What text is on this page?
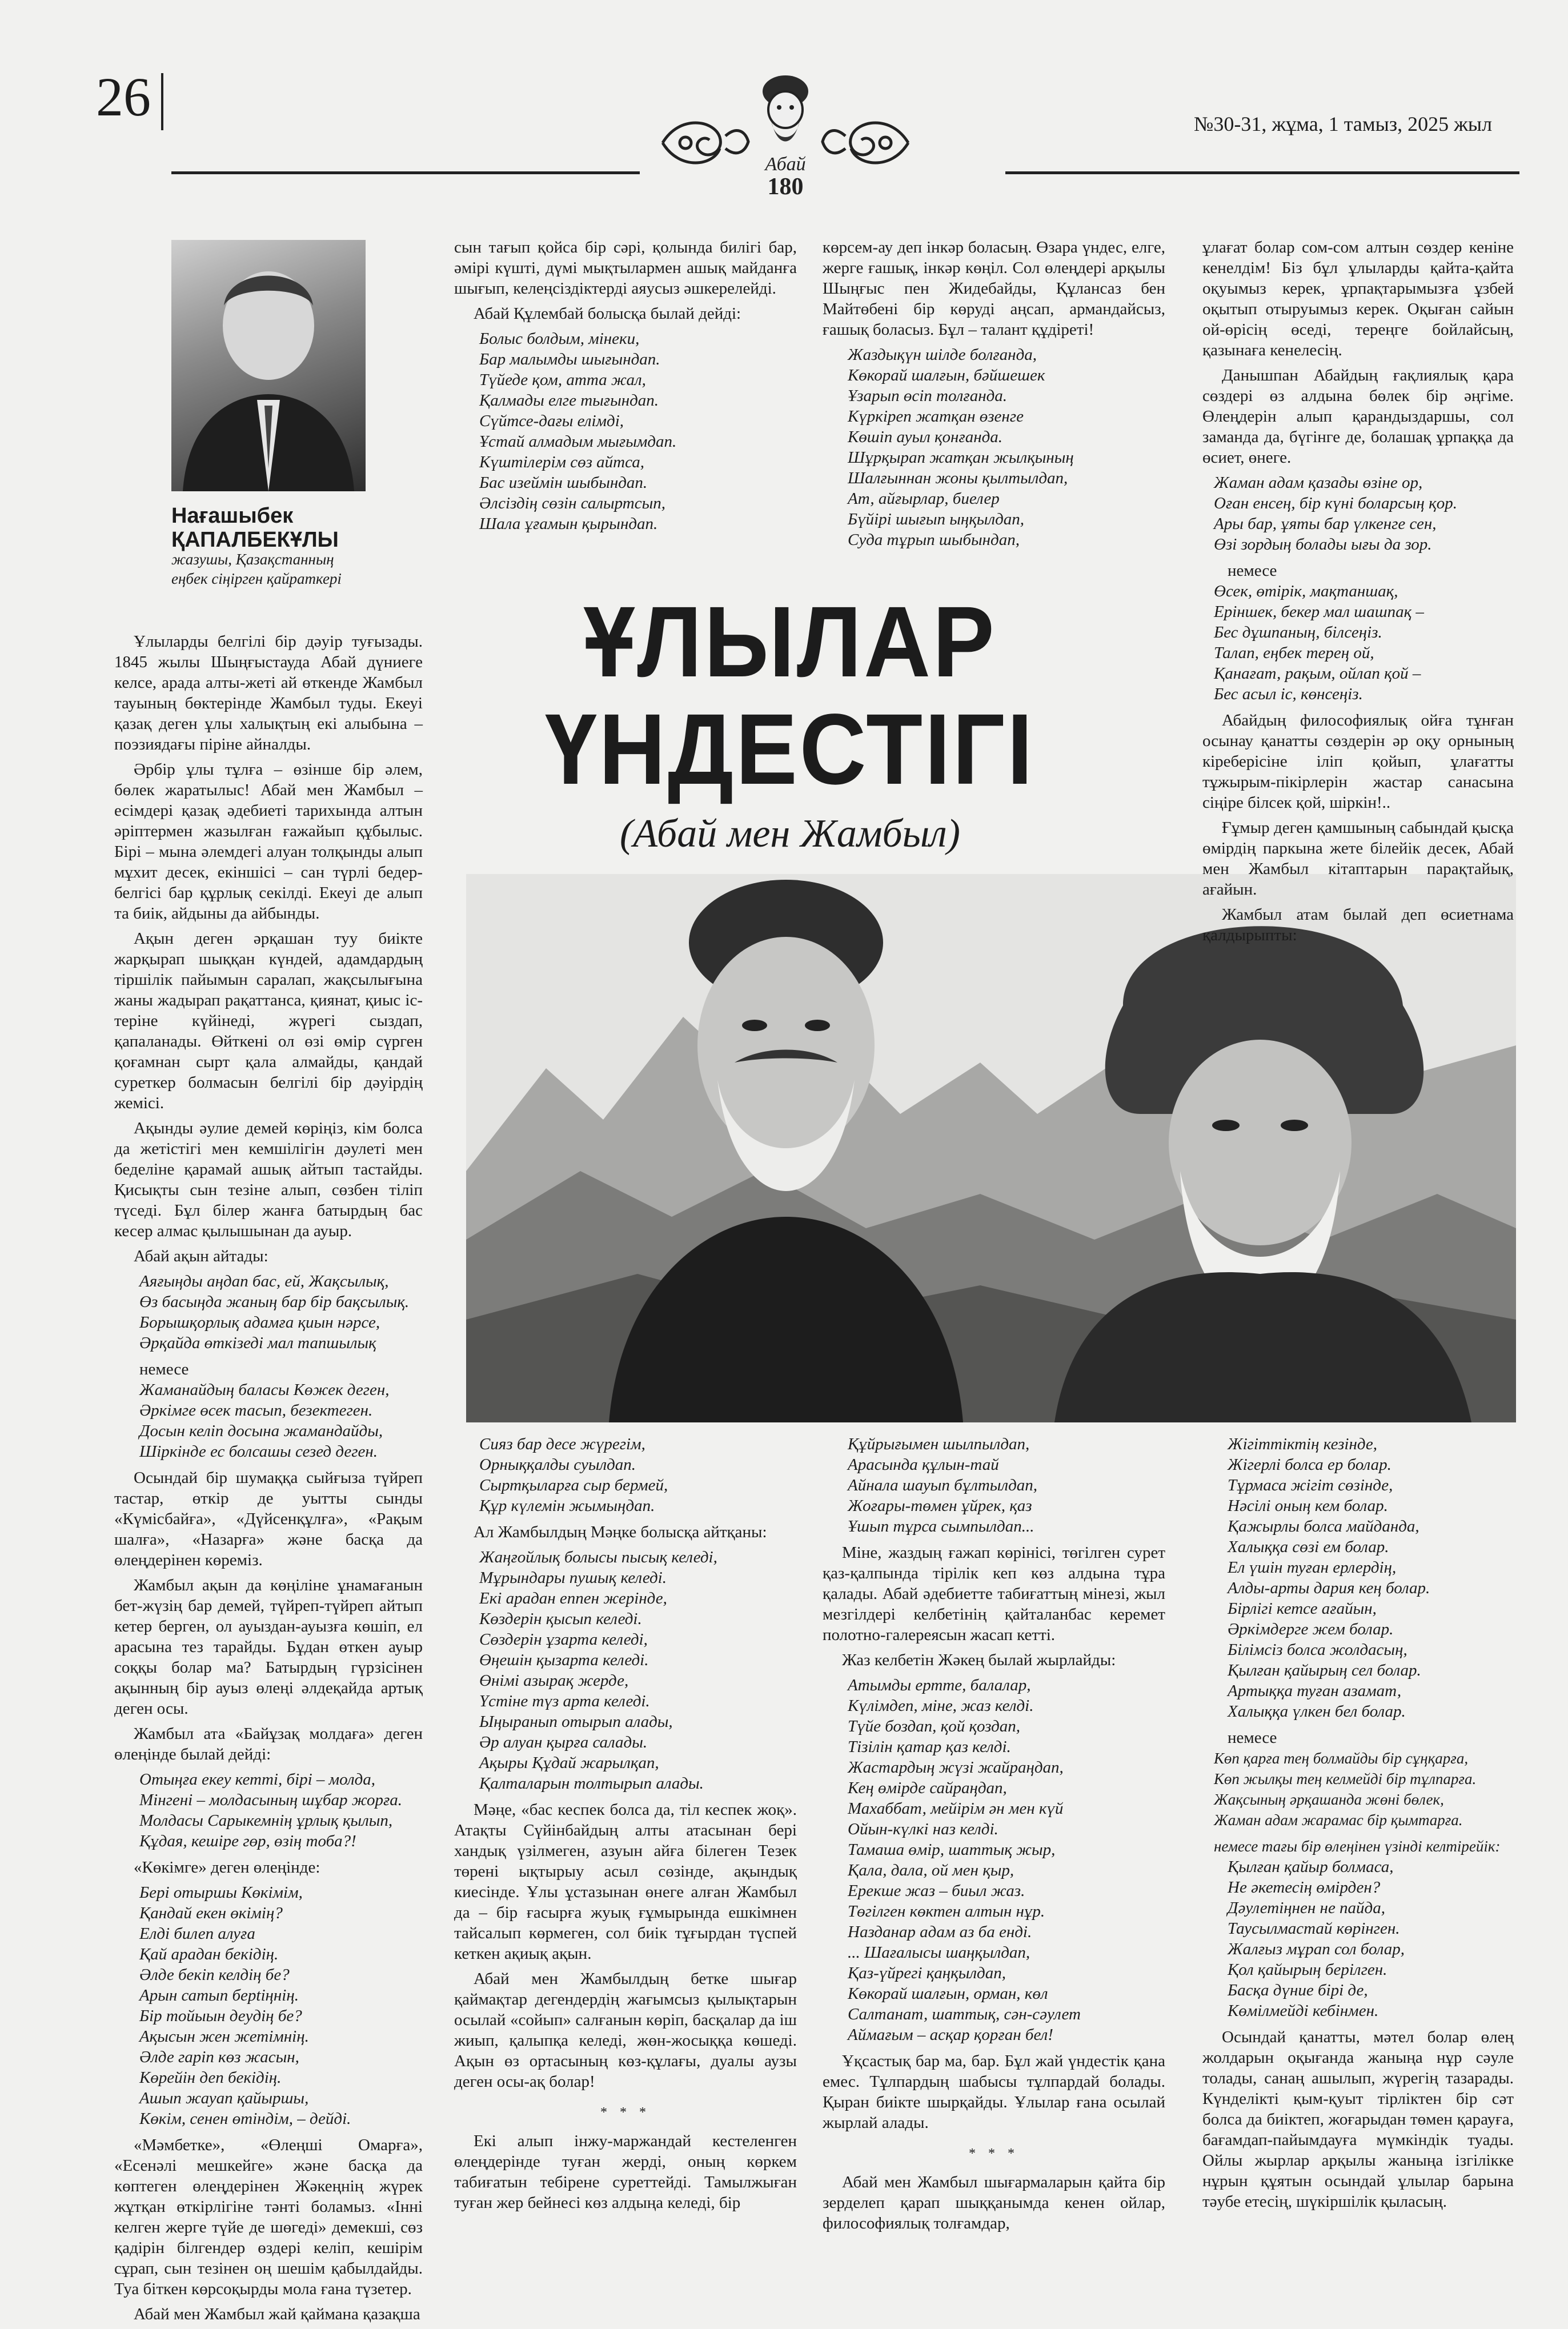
26	№30-31, жұма, 1 тамыз, 2025 жыл
Абай
180
Нағашыбек
ҚАПАЛБЕКҰЛЫ
жазушы, Қазақстанның
еңбек сіңірген қайраткері
ҰЛЫЛАР
ҮНДЕСТІГІ
(Абай мен Жамбыл)

Ұлыларды белгілі бір дәуір туғызады. 1845 жылы Шыңғыстауда Абай дүниеге келсе, арада алты-жеті ай өткенде Жамбыл тауының бөктерінде Жамбыл туды. Екеуі қазақ деген ұлы халықтың екі алыбына – поэзиядағы пірiне айналды.

Әрбір ұлы тұлға – өзінше бір әлем, бөлек жаратылыс! Абай мен Жамбыл – есімдері қазақ әдебиеті тарихында алтын әріптермен жазылған ғажайып құбылыс. Бірі – мына әлемдегі алуан толқынды алып мұхит десек, екіншісі – сан түрлі бедер-белгісі бар құрлық секілді. Екеуі де алып та биік, айдыны да айбынды.

Ақын деген әрқашан туу биікте жарқырап шыққан күндей, адамдардың тіршілік пайымын саралап, жақсылығына жаны жадырап рақаттанса, қиянат, қиыс іс-теріне күйінеді, жүрегі сыздап, қапаланады. Өйткені ол өзі өмір сүрген қоғамнан сырт қала алмайды, қандай суреткер болмасын белгілі бір дәуірдің жемісі.

Ақынды әулие демей көріңіз, кім болса да жетістігі мен кемшілігін дәулеті мен беделіне қарамай ашық айтып тастайды. Қисықты сын тезіне алып, сөзбен тіліп түседі. Бұл білер жанға батырдың бас кесер алмас қылышынан да ауыр.

Абай ақын айтады:

Аяғыңды аңдап бас, ей, Жақсылық,
Өз басыңда жаның бар бір бақсылық.
Борышқорлық адамға қиын нәрсе,
Әрқайда өткізеді мал тапшылық
немесе
Жаманайдың баласы Көжек деген,
Әркімге өсек тасып, безектеген.
Досын келіп досына жамандайды,
Шіркінде ес болсашы сезед деген.

Осындай бір шумаққа сыйғыза түйреп тастар, өткір де уытты сынды «Күмісбайға», «Дүйсенқұлға», «Рақым шалға», «Назарға» және басқа да өлеңдерінен көреміз.

Жамбыл ақын да көңіліне ұнамағанын бет-жүзің бар демей, түйреп-түйреп айтып кетер берген, ол ауыздан-ауызға көшіп, ел арасына тез тарайды. Бұдан өткен ауыр соққы болар ма? Батырдың гүрзісінен ақынның бір ауыз өлеңі әлдеқайда артық деген осы.

Жамбыл ата «Байұзақ молдаға» деген өлеңінде былай дейді:

Отыңға екеу кетті, бірі – молда,
Мінгені – молдасының шұбар жорға.
Молдасы Сарыкемнің ұрлық қылып,
Құдая, кешіре гөр, өзің тоба?!

«Көкімге» деген өлеңінде:

Бері отыршы Көкімім,
Қандай екен өкімің?
Елді билеп алуға
Қай арадан бекідің.
Әлде бекіп келдің бе?
Арын сатып берtіңнің.
Бір тойыын деудің бе?
Ақысын жен жетімнің.
Әлде гаріп көз жасын,
Көрейін деп бекідің.
Ашып жауап қайыршы,
Көкім, сенен өтіндім, – дейді.

«Мәмбетке», «Өлеңші Омарға», «Есенәлі мешкейге» және басқа да көптеген өлеңдерінен Жәкеңнің жүрек жұтқан өткірлігіне тәнті боламыз. «Інні келген жерге түйе де шөгеді» демекші, сөз қадірін білгендер өздері келіп, кешірім сұрап, сын тезінен оң шешім қабылдайды. Туа біткен көрсоқырды мола ғана түзетер.

Абай мен Жамбыл жай қаймана қазақша

сын тағып қойса бір сәрі, қолында билігі бар, әмірі күшті, дүмі мықтылармен ашық майданға шығып, келеңсіздіктерді аяусыз әшкерелейді.

Абай Құлембай болысқа былай дейді:

Болыс болдым, мінеки,
Бар малымды шығындап.
Түйеде қом, атта жал,
Қалмады елге тығындап.
Сүйтсе-дағы елімді,
Ұстай алмадым мығымдап.
Күштілерім сөз айтса,
Бас изеймін шыбындап.
Әлсіздің сөзін салыртсып,
Шала ұғамын қырындап.

көрсем-ау деп інкәр боласың. Өзара үндес, елге, жерге ғашық, інкәр көңіл. Сол өлеңдері арқылы Шыңғыс пен Жидебайды, Құлансаз бен Майтөбені бір көруді аңсап, армандайсыз, ғашық боласыз. Бұл – талант құдіреті!

Жаздықүн шілде болғанда,
Көкорай шалғын, бәйшешек
Ұзарып өсіп толғанда.
Күркіреп жатқан өзенге
Көшіп ауыл қонғанда.
Шұрқырап жатқан жылқының
Шалғыннан жоны қылтылдап,
Ат, айғырлар, биелер
Бүйірі шығып ыңқылдап,
Суда тұрып шыбындап,

ұлағат болар сом-сом алтын сөздер кеніне кенелдім! Біз бұл ұлыларды қайта-қайта оқуымыз керек, ұрпақтарымызға ұзбей оқытып отыруымыз керек. Оқыған сайын ой-өрісің өседі, тереңге бойлайсың, қазынаға кенелесің.

Данышпан Абайдың ғақлиялық қара сөздері өз алдына бөлек бір әңгіме. Өлеңдерін алып қарандыздаршы, сол заманда да, бүгінге де, болашақ ұрпаққа да өсиет, өнеге.

Жаман адам қазады өзіне ор,
Оған енсең, бір күні боларсың қор.
Ары бар, ұяты бар үлкенге сен,
Өзі зордың болады ығы да зор.
немесе
Өсек, өтірік, мақтаншақ,
Еріншек, бекер мал шашпақ –
Бес дұшпаның, білсеңіз.
Талап, еңбек терең ой,
Қанағат, рақым, ойлап қой –
Бес асыл іс, көнсеңіз.

Абайдың философиялық ойға тұнған осынау қанатты сөздерін әр оқу орнының кіреберісіне іліп қойып, ұлағатты тұжырым-пікірлерін жастар санасына сіңіре білсек қой, шіркін!..

Ғұмыр деген қамшының сабындай қысқа өмірдің паркына жете білейік десек, Абай мен Жамбыл кітаптарын парақтайық, ағайын.

Жамбыл атам былай деп өсиетнама қалдырыпты:

Сияз бар десе жүрегім,
Орныққалды суылдап.
Сыртқыларға сыр бермей,
Құр күлемін жымыңдап.

Ал Жамбылдың Мәңке болысқа айтқаны:

Жаңғойлық болысы пысық келеді,
Мұрындары пушық келеді.
Екі арадан еппен жерінде,
Көздерін қысып келеді.
Сөздерін ұзарта келеді,
Өңешін қызарта келеді.
Өнімі азырақ жерде,
Үстіне түз арта келеді.
Ыңыранып отырып алады,
Әр алуан қырға салады.
Ақыры Құдай жарылқап,
Қалталарын толтырып алады.

Мәңе, «бас кеспек болса да, тіл кеспек жоқ». Атақты Сүйінбайдың алты атасынан бері хандық үзілмеген, азуын айға білеген Тезек төрені ықтырыу асыл сөзінде, ақындық киесінде. Ұлы ұстазынан өнеге алған Жамбыл да – бір ғасырға жуық ғұмырында ешкімнен тайсалып көрмеген, сол биік тұғырдан түспей кеткен ақиық ақын.

Абай мен Жамбылдың бетке шығар қаймақтар дегендердің жағымсыз қылықтарын осылай «сойып» салғанын көріп, басқалар да іш жиып, қалыпқа келеді, жөн-жосыққа көшеді. Ақын өз ортасының көз-құлағы, дуалы аузы деген осы-ақ болар!

* * *

Екі алып інжу-маржандай кестеленген өлеңдерінде туған жерді, оның көркем табиғатын тебірене суреттейді. Тамылжыған туған жер бейнесі көз алдыңа келеді, бір

Құйрығымен шылпылдап,
Арасында құлын-тай
Айнала шауып бұлтылдап,
Жоғары-төмен ұйрек, қаз
Ұшып тұрса сымпылдап...

Міне, жаздың ғажап көрінісі, төгілген сурет қаз-қалпында тірілік кеп көз алдына тұра қалады. Абай әдебиетте табиғаттың мінезі, жыл мезгілдері келбетінің қайталанбас керемет полотно-галереясын жасап кетті.

Жаз келбетін Жәкең былай жырлайды:

Атымды ертте, балалар,
Күлімдеп, міне, жаз келді.
Түйе боздап, қой қоздап,
Тізілін қатар қаз келді.
Жастардың жүзі жайраңдап,
Кең өмірде сайраңдап,
Махаббат, мейірім ән мен күй
Ойын-күлкі наз келді.
Тамаша өмір, шаттық жыр,
Қала, дала, ой мен қыр,
Ерекше жаз – биыл жаз.
Төгілген көктен алтын нұр.
Назданар адам аз ба енді.
... Шағалысы шаңқылдап,
Қаз-үйрегі қаңқылдап,
Көкорай шалғын, орман, көл
Салтанат, шаттық, сән-сәулет
Аймағым – асқар қорған бел!

Ұқсастық бар ма, бар. Бұл жай үндестік қана емес. Тұлпардың шабысы тұлпардай болады. Қыран биікте шырқайды. Ұлылар ғана осылай жырлай алады.

* * *

Абай мен Жамбыл шығармаларын қайта бір зерделеп қарап шыққанымда кенен ойлар, философиялық толғамдар,

Жігіттіктің кезінде,
Жігерлі болса ер болар.
Тұрмаса жігіт сөзінде,
Нәсілі оның кем болар.
Қажырлы болса майданда,
Халыққа сөзі ем болар.
Ел үшін туған ерлердің,
Алды-арты дария кең болар.
Бірлігі кетсе ағайын,
Әркімдерге жем болар.
Білімсіз болса жолдасың,
Қылған қайырың сел болар.
Артыққа туған азамат,
Халыққа үлкен бел болар.
немесе
Көп қарға тең болмайды бір сұңқарға,
Көп жылқы тең келмейді бір тұлпарға.
Жақсының әрқашанда жөні бөлек,
Жаман адам жарамас бір қымтарға.
немесе тағы бір өлеңінен үзінді келтірейік:
Қылған қайыр болмаса,
Не әкетесің өмірден?
Дәулетіңнен не пайда,
Таусылмастай көрінген.
Жалғыз мұрап сол болар,
Қол қайырың берілген.
Басқа дүние бірі де,
Көмілмейді кебінмен.

Осындай қанатты, мәтел болар өлең жолдарын оқығанда жаныңа нұр сәуле толады, санаң ашылып, жүрегің тазарады. Күнделікті қым-қуыт тірліктен бір сәт болса да биіктеп, жоғарыдан төмен қарауға, бағамдап-пайымдауға мүмкіндік туады. Ойлы жырлар арқылы жаныңа ізгілікке нұрын құятын осындай ұлылар барына тәубе етесің, шүкіршілік қыласың.
